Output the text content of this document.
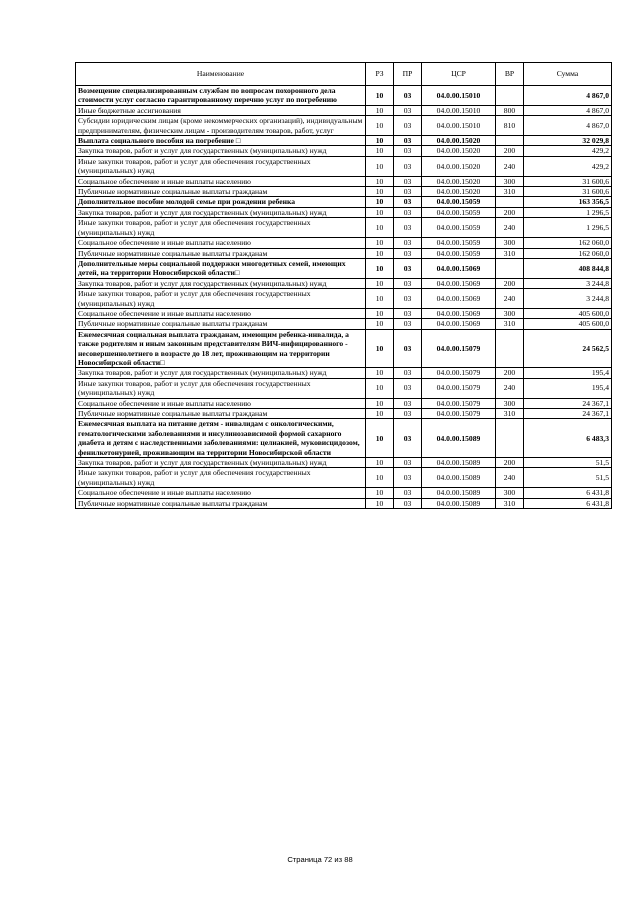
Наименование	РЗ	ПР	ЦСР	ВР	Сумма
Возмещение специализированным службам по вопросам похоронного дела стоимости услуг согласно гарантированному перечню услуг по погребению	10	03	04.0.00.15010		4 867,0
Иные бюджетные ассигнования	10	03	04.0.00.15010	800	4 867,0
Субсидии юридическим лицам (кроме некоммерческих организаций), индивидуальным предпринимателям, физическим лицам - производителям товаров, работ, услуг	10	03	04.0.00.15010	810	4 867,0
Выплата социального пособия на погребение □	10	03	04.0.00.15020		32 029,8
Закупка товаров, работ и услуг для государственных (муниципальных) нужд	10	03	04.0.00.15020	200	429,2
Иные закупки товаров, работ и услуг для обеспечения государственных (муниципальных) нужд	10	03	04.0.00.15020	240	429,2
Социальное обеспечение и иные выплаты населению	10	03	04.0.00.15020	300	31 600,6
Публичные нормативные социальные выплаты гражданам	10	03	04.0.00.15020	310	31 600,6
Дополнительное пособие молодой семье при рождении ребенка	10	03	04.0.00.15059		163 356,5
Закупка товаров, работ и услуг для государственных (муниципальных) нужд	10	03	04.0.00.15059	200	1 296,5
Иные закупки товаров, работ и услуг для обеспечения государственных (муниципальных) нужд	10	03	04.0.00.15059	240	1 296,5
Социальное обеспечение и иные выплаты населению	10	03	04.0.00.15059	300	162 060,0
Публичные нормативные социальные выплаты гражданам	10	03	04.0.00.15059	310	162 060,0
Дополнительные меры социальной поддержки многодетных семей, имеющих детей, на территории Новосибирской области□	10	03	04.0.00.15069		408 844,8
Закупка товаров, работ и услуг для государственных (муниципальных) нужд	10	03	04.0.00.15069	200	3 244,8
Иные закупки товаров, работ и услуг для обеспечения государственных (муниципальных) нужд	10	03	04.0.00.15069	240	3 244,8
Социальное обеспечение и иные выплаты населению	10	03	04.0.00.15069	300	405 600,0
Публичные нормативные социальные выплаты гражданам	10	03	04.0.00.15069	310	405 600,0
Ежемесячная социальная выплата гражданам, имеющим ребенка-инвалида, а также родителям и иным законным представителям ВИЧ-инфицированного - несовершеннолетнего в возрасте до 18 лет, проживающим на территории Новосибирской области□	10	03	04.0.00.15079		24 562,5
Закупка товаров, работ и услуг для государственных (муниципальных) нужд	10	03	04.0.00.15079	200	195,4
Иные закупки товаров, работ и услуг для обеспечения государственных (муниципальных) нужд	10	03	04.0.00.15079	240	195,4
Социальное обеспечение и иные выплаты населению	10	03	04.0.00.15079	300	24 367,1
Публичные нормативные социальные выплаты гражданам	10	03	04.0.00.15079	310	24 367,1
Ежемесячная выплата на питание детям - инвалидам с онкологическими, гематологическими заболеваниями и инсулинозависимой формой сахарного диабета и детям с наследственными заболеваниями: целиакией, муковисцидозом, фенилкетонурией, проживающим на территории Новосибирской области	10	03	04.0.00.15089		6 483,3
Закупка товаров, работ и услуг для государственных (муниципальных) нужд	10	03	04.0.00.15089	200	51,5
Иные закупки товаров, работ и услуг для обеспечения государственных (муниципальных) нужд	10	03	04.0.00.15089	240	51,5
Социальное обеспечение и иные выплаты населению	10	03	04.0.00.15089	300	6 431,8
Публичные нормативные социальные выплаты гражданам	10	03	04.0.00.15089	310	6 431,8
Страница 72 из 88
